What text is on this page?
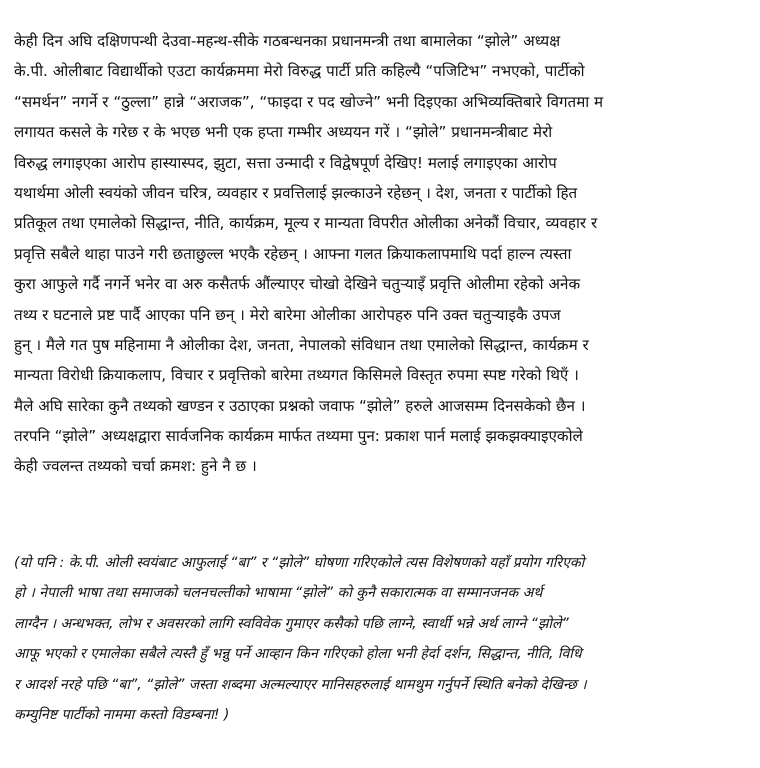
केही दिन अघि दक्षिणपन्थी देउवा-महन्थ-सीके गठबन्धनका प्रधानमन्त्री तथा बामालेका “झोले” अध्यक्ष
के.पी. ओलीबाट विद्यार्थीको एउटा कार्यक्रममा मेरो विरुद्ध पार्टी प्रति कहिल्यै “पजिटिभ” नभएको, पार्टीको
“समर्थन” नगर्ने र “ठुल्ला” हान्ने “अराजक”, “फाइदा र पद खोज्ने” भनी दिइएका अभिव्यक्तिबारे विगतमा म
लगायत कसले के गरेछ र के भएछ भनी एक हप्ता गम्भीर अध्ययन गरें । “झोले” प्रधानमन्त्रीबाट मेरो
विरुद्ध लगाइएका आरोप हास्यास्पद, झुटा, सत्ता उन्मादी र विद्वेषपूर्ण देखिए! मलाई लगाइएका आरोप
यथार्थमा ओली स्वयंको जीवन चरित्र, व्यवहार र प्रवत्तिलाई झल्काउने रहेछन् । देश, जनता र पार्टीको हित
प्रतिकूल तथा एमालेको सिद्धान्त, नीति, कार्यक्रम, मूल्य र मान्यता विपरीत ओलीका अनेकौं विचार, व्यवहार र
प्रवृत्ति सबैले थाहा पाउने गरी छताछुल्ल भएकै रहेछन् । आफ्ना गलत क्रियाकलापमाथि पर्दा हाल्न त्यस्ता
कुरा आफुले गर्दै नगर्ने भनेर वा अरु कसैतर्फ औंल्याएर चोखो देखिने चतुऱ्याइँ प्रवृत्ति ओलीमा रहेको अनेक
तथ्य र घटनाले प्रष्ट पार्दै आएका पनि छन् । मेरो बारेमा ओलीका आरोपहरु पनि उक्त चतुऱ्याइकै उपज
हुन् । मैले गत पुष महिनामा नै ओलीका देश, जनता, नेपालको संविधान तथा एमालेको सिद्धान्त, कार्यक्रम र
मान्यता विरोधी क्रियाकलाप, विचार र प्रवृत्तिको बारेमा तथ्यगत किसिमले विस्तृत रुपमा स्पष्ट गरेको थिएँ ।
मैले अघि सारेका कुनै तथ्यको खण्डन र उठाएका प्रश्नको जवाफ “झोले” हरुले आजसम्म दिनसकेको छैन ।
तरपनि “झोले” अध्यक्षद्वारा सार्वजनिक कार्यक्रम मार्फत तथ्यमा पुन: प्रकाश पार्न मलाई झकझक्याइएकोले
केही ज्वलन्त तथ्यको चर्चा क्रमश: हुने नै छ ।
(यो पनि : के.पी. ओली स्वयंबाट आफुलाई “बा” र “झोले” घोषणा गरिएकोले त्यस विशेषणको यहाँ प्रयोग गरिएको
हो । नेपाली भाषा तथा समाजको चलनचल्तीको भाषामा “झोले” को कुनै सकारात्मक वा सम्मानजनक अर्थ
लाग्दैन । अन्धभक्त, लोभ र अवसरको लागि स्वविवेक गुमाएर कसैको पछि लाग्ने, स्वार्थी भन्ने अर्थ लाग्ने “झोले”
आफू भएको र एमालेका सबैले त्यस्तै हुँ भन्नु पर्ने आव्हान किन गरिएको होला भनी हेर्दा दर्शन, सिद्धान्त, नीति, विधि
र आदर्श नरहे पछि “बा”, “झोले” जस्ता शब्दमा अल्मल्याएर मानिसहरुलाई थामथुम गर्नुपर्ने स्थिति बनेको देखिन्छ ।
कम्युनिष्ट पार्टीको नाममा कस्तो विडम्बना! )
